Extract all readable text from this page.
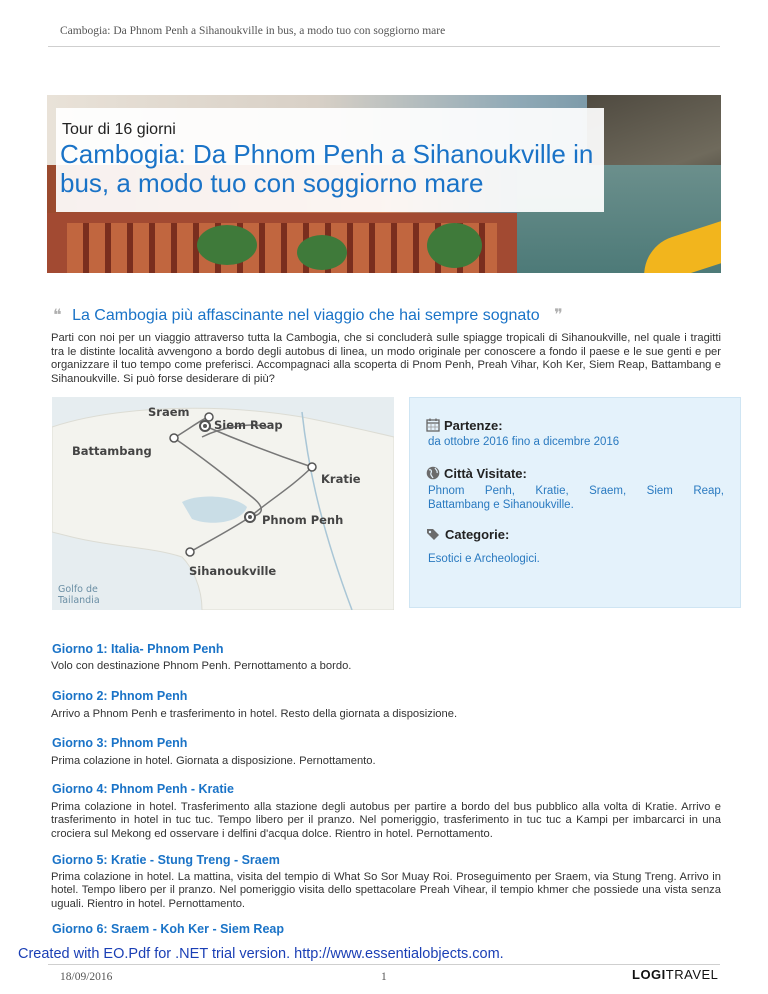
Cambogia: Da Phnom Penh a Sihanoukville in bus, a modo tuo con soggiorno mare
Tour di 16 giorni
Cambogia: Da Phnom Penh a Sihanoukville in bus, a modo tuo con soggiorno mare
❝ La Cambogia più affascinante nel viaggio che hai sempre sognato ❞
Parti con noi per un viaggio attraverso tutta la Cambogia, che si concluderà sulle spiagge tropicali di Sihanoukville, nel quale i tragitti tra le distinte località avvengono a bordo degli autobus di linea, un modo originale per conoscere a fondo il paese e le sue genti e per organizzare il tuo tempo come preferisci. Accompagnaci alla scoperta di Pnom Penh, Preah Vihar, Koh Ker, Siem Reap, Battambang e Sihanoukville. Si può forse desiderare di più?
Sraem
Siem Reap
Battambang
Kratie
Phnom Penh
Sihanoukville
Golfo de
Tailandia
Partenze:
da ottobre 2016 fino a dicembre 2016
Città Visitate:
Phnom Penh, Kratie, Sraem, Siem Reap,
Battambang e Sihanoukville.
Categorie:
Esotici e Archeologici.
Giorno 1: Italia- Phnom Penh
Volo con destinazione Phnom Penh. Pernottamento a bordo.
Giorno 2: Phnom Penh
Arrivo a Phnom Penh e trasferimento in hotel. Resto della giornata a disposizione.
Giorno 3: Phnom Penh
Prima colazione in hotel. Giornata a disposizione. Pernottamento.
Giorno 4: Phnom Penh - Kratie
Prima colazione in hotel. Trasferimento alla stazione degli autobus per partire a bordo del bus pubblico alla volta di Kratie. Arrivo e trasferimento in hotel in tuc tuc. Tempo libero per il pranzo. Nel pomeriggio, trasferimento in tuc tuc a Kampi per imbarcarci in una crociera sul Mekong ed osservare i delfini d'acqua dolce. Rientro in hotel. Pernottamento.
Giorno 5: Kratie - Stung Treng - Sraem
Prima colazione in hotel. La mattina, visita del tempio di What So Sor Muay Roi. Proseguimento per Sraem, via Stung Treng. Arrivo in hotel. Tempo libero per il pranzo. Nel pomeriggio visita dello spettacolare Preah Vihear, il tempio khmer che possiede una vista senza uguali. Rientro in hotel. Pernottamento.
Giorno 6: Sraem - Koh Ker - Siem Reap
Created with EO.Pdf for .NET trial version. http://www.essentialobjects.com.
18/09/2016	1	LOGITRAVEL
